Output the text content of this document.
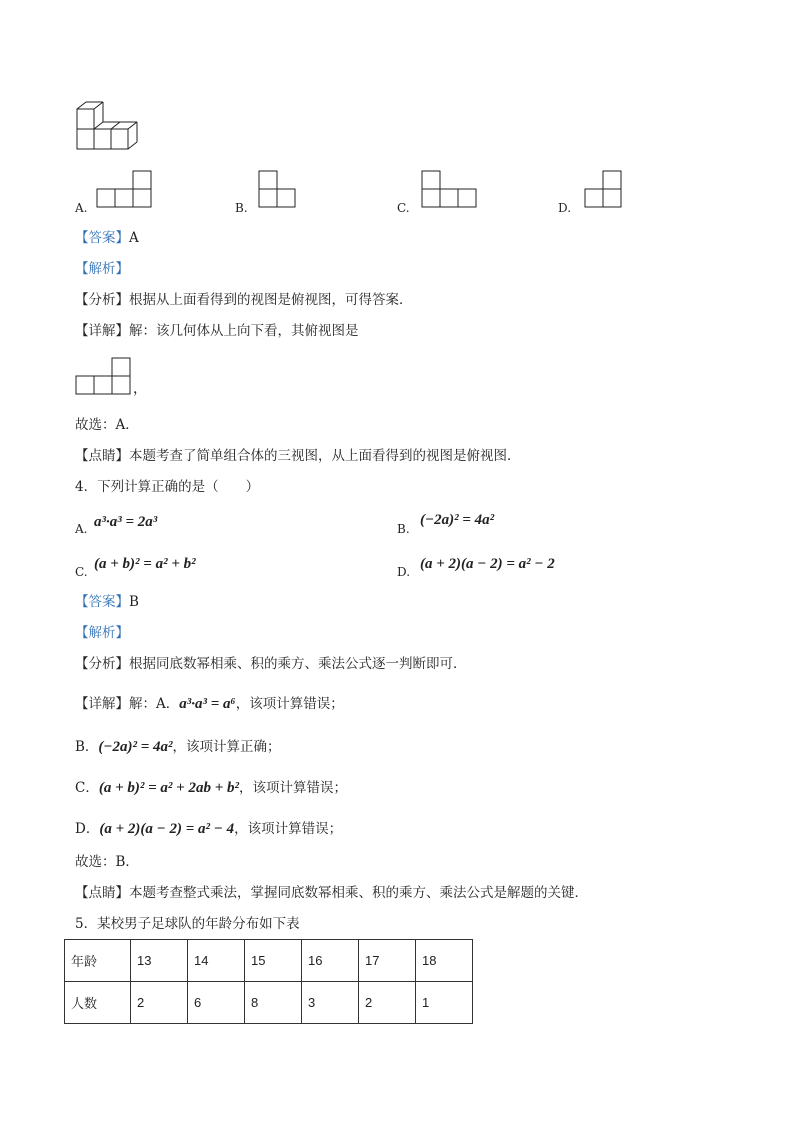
A.	B.	C.	D.
【答案】A
【解析】
【分析】根据从上面看得到的视图是俯视图，可得答案．
【详解】解：该几何体从上向下看，其俯视图是
，
故选：A．
【点睛】本题考查了简单组合体的三视图，从上面看得到的视图是俯视图．
4．下列计算正确的是（　　）
A. a³·a³ = 2a³	B.
(−2a)² = 4a²
C. (a + b)² = a² + b²	D. (a + 2)(a − 2) = a² − 2
【答案】B
【解析】
【分析】根据同底数幂相乘、积的乘方、乘法公式逐一判断即可．
【详解】解：A．a³·a³ = a⁶，该项计算错误；
B．(−2a)² = 4a²，该项计算正确；
C．(a + b)² = a² + 2ab + b²，该项计算错误；
D．(a + 2)(a − 2) = a² − 4，该项计算错误；
故选：B．
【点睛】本题考查整式乘法，掌握同底数幂相乘、积的乘方、乘法公式是解题的关键．
5．某校男子足球队的年龄分布如下表
年龄	13	14	15	16	17	18
人数	2	6	8	3	2	1
